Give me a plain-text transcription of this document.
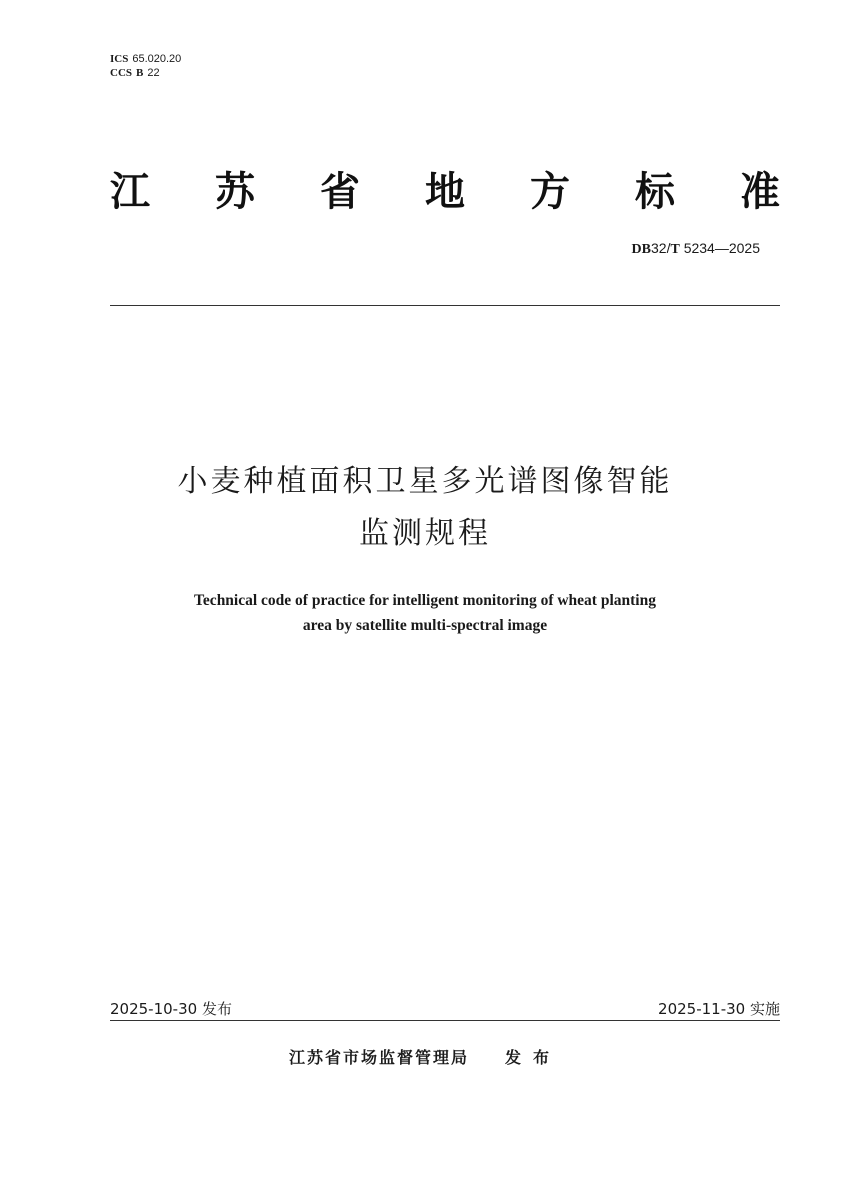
ICS 65.020.20
CCS B 22
江 苏 省 地 方 标 准
DB32/T 5234—2025
小麦种植面积卫星多光谱图像智能
监测规程
Technical code of practice for intelligent monitoring of wheat planting
area by satellite multi-spectral image
2025-10-30 发布	2025-11-30 实施
江苏省市场监督管理局 发布
